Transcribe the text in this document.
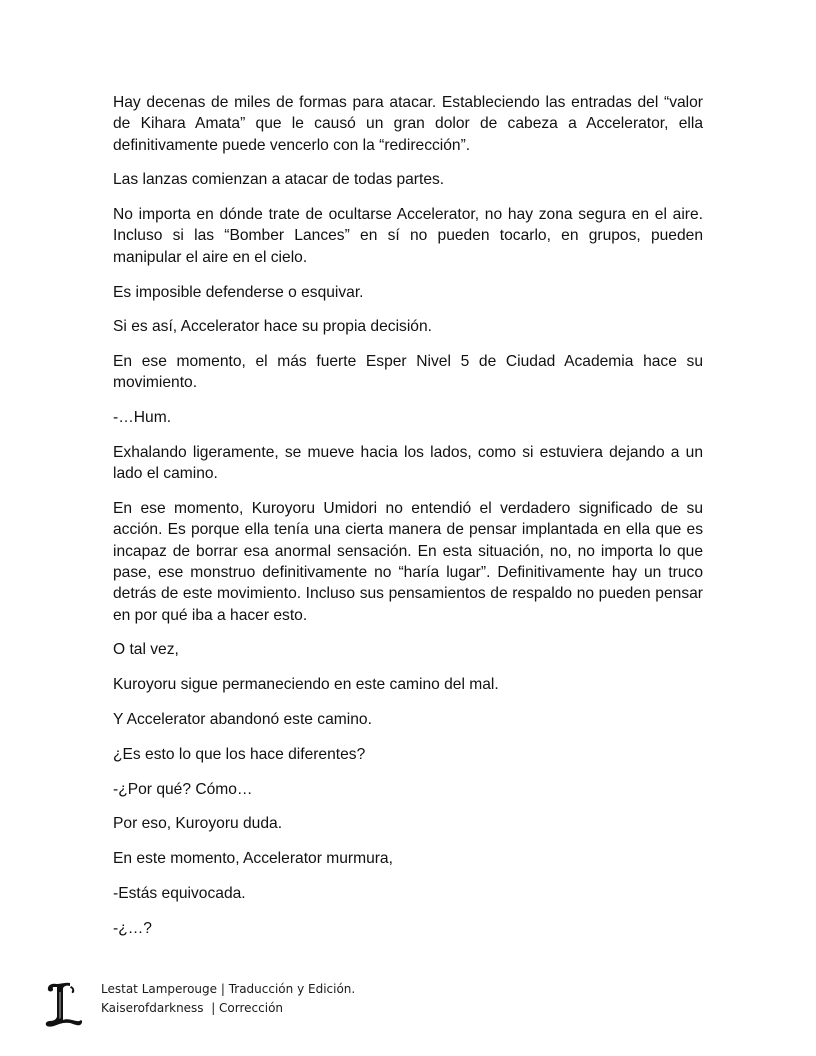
Hay decenas de miles de formas para atacar. Estableciendo las entradas del “valor de Kihara Amata” que le causó un gran dolor de cabeza a Accelerator, ella definitivamente puede vencerlo con la “redirección”.

Las lanzas comienzan a atacar de todas partes.

No importa en dónde trate de ocultarse Accelerator, no hay zona segura en el aire. Incluso si las “Bomber Lances” en sí no pueden tocarlo, en grupos, pueden manipular el aire en el cielo.

Es imposible defenderse o esquivar.

Si es así, Accelerator hace su propia decisión.

En ese momento, el más fuerte Esper Nivel 5 de Ciudad Academia hace su movimiento.

-…Hum.

Exhalando ligeramente, se mueve hacia los lados, como si estuviera dejando a un lado el camino.

En ese momento, Kuroyoru Umidori no entendió el verdadero significado de su acción. Es porque ella tenía una cierta manera de pensar implantada en ella que es incapaz de borrar esa anormal sensación. En esta situación, no, no importa lo que pase, ese monstruo definitivamente no “haría lugar”. Definitivamente hay un truco detrás de este movimiento. Incluso sus pensamientos de respaldo no pueden pensar en por qué iba a hacer esto.

O tal vez,

Kuroyoru sigue permaneciendo en este camino del mal.

Y Accelerator abandonó este camino.

¿Es esto lo que los hace diferentes?

-¿Por qué? Cómo…

Por eso, Kuroyoru duda.

En este momento, Accelerator murmura,

-Estás equivocada.

-¿…?

Lestat Lamperouge | Traducción y Edición.
Kaiserofdarkness  | Corrección
